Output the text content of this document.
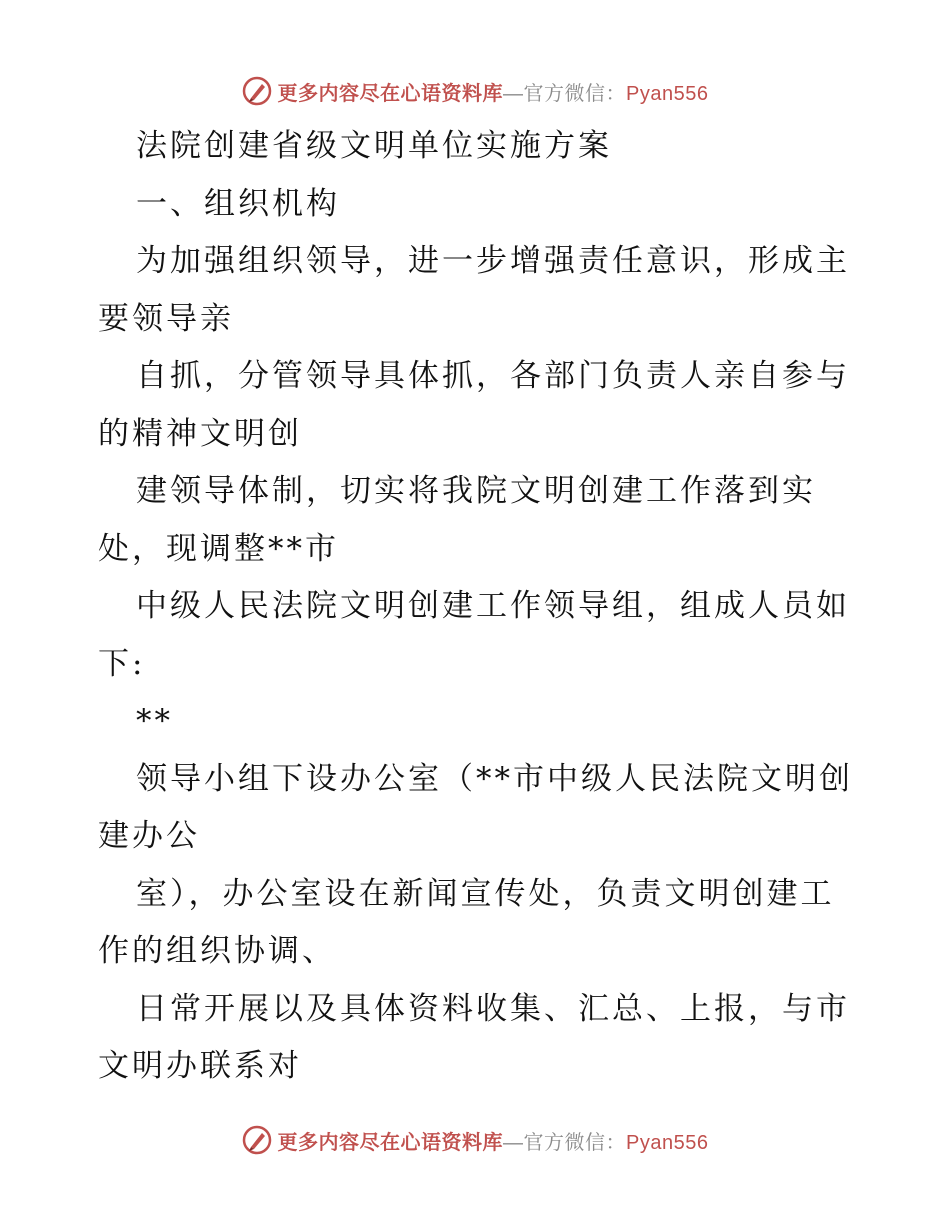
更多内容尽在心语资料库—官方微信：Pyan556
法院创建省级文明单位实施方案
一、组织机构
为加强组织领导，进一步增强责任意识，形成主
要领导亲
自抓，分管领导具体抓，各部门负责人亲自参与
的精神文明创
建领导体制，切实将我院文明创建工作落到实
处，现调整**市
中级人民法院文明创建工作领导组，组成人员如
下:
**
领导小组下设办公室（**市中级人民法院文明创
建办公
室），办公室设在新闻宣传处，负责文明创建工
作的组织协调、
日常开展以及具体资料收集、汇总、上报，与市
文明办联系对
更多内容尽在心语资料库—官方微信：Pyan556
